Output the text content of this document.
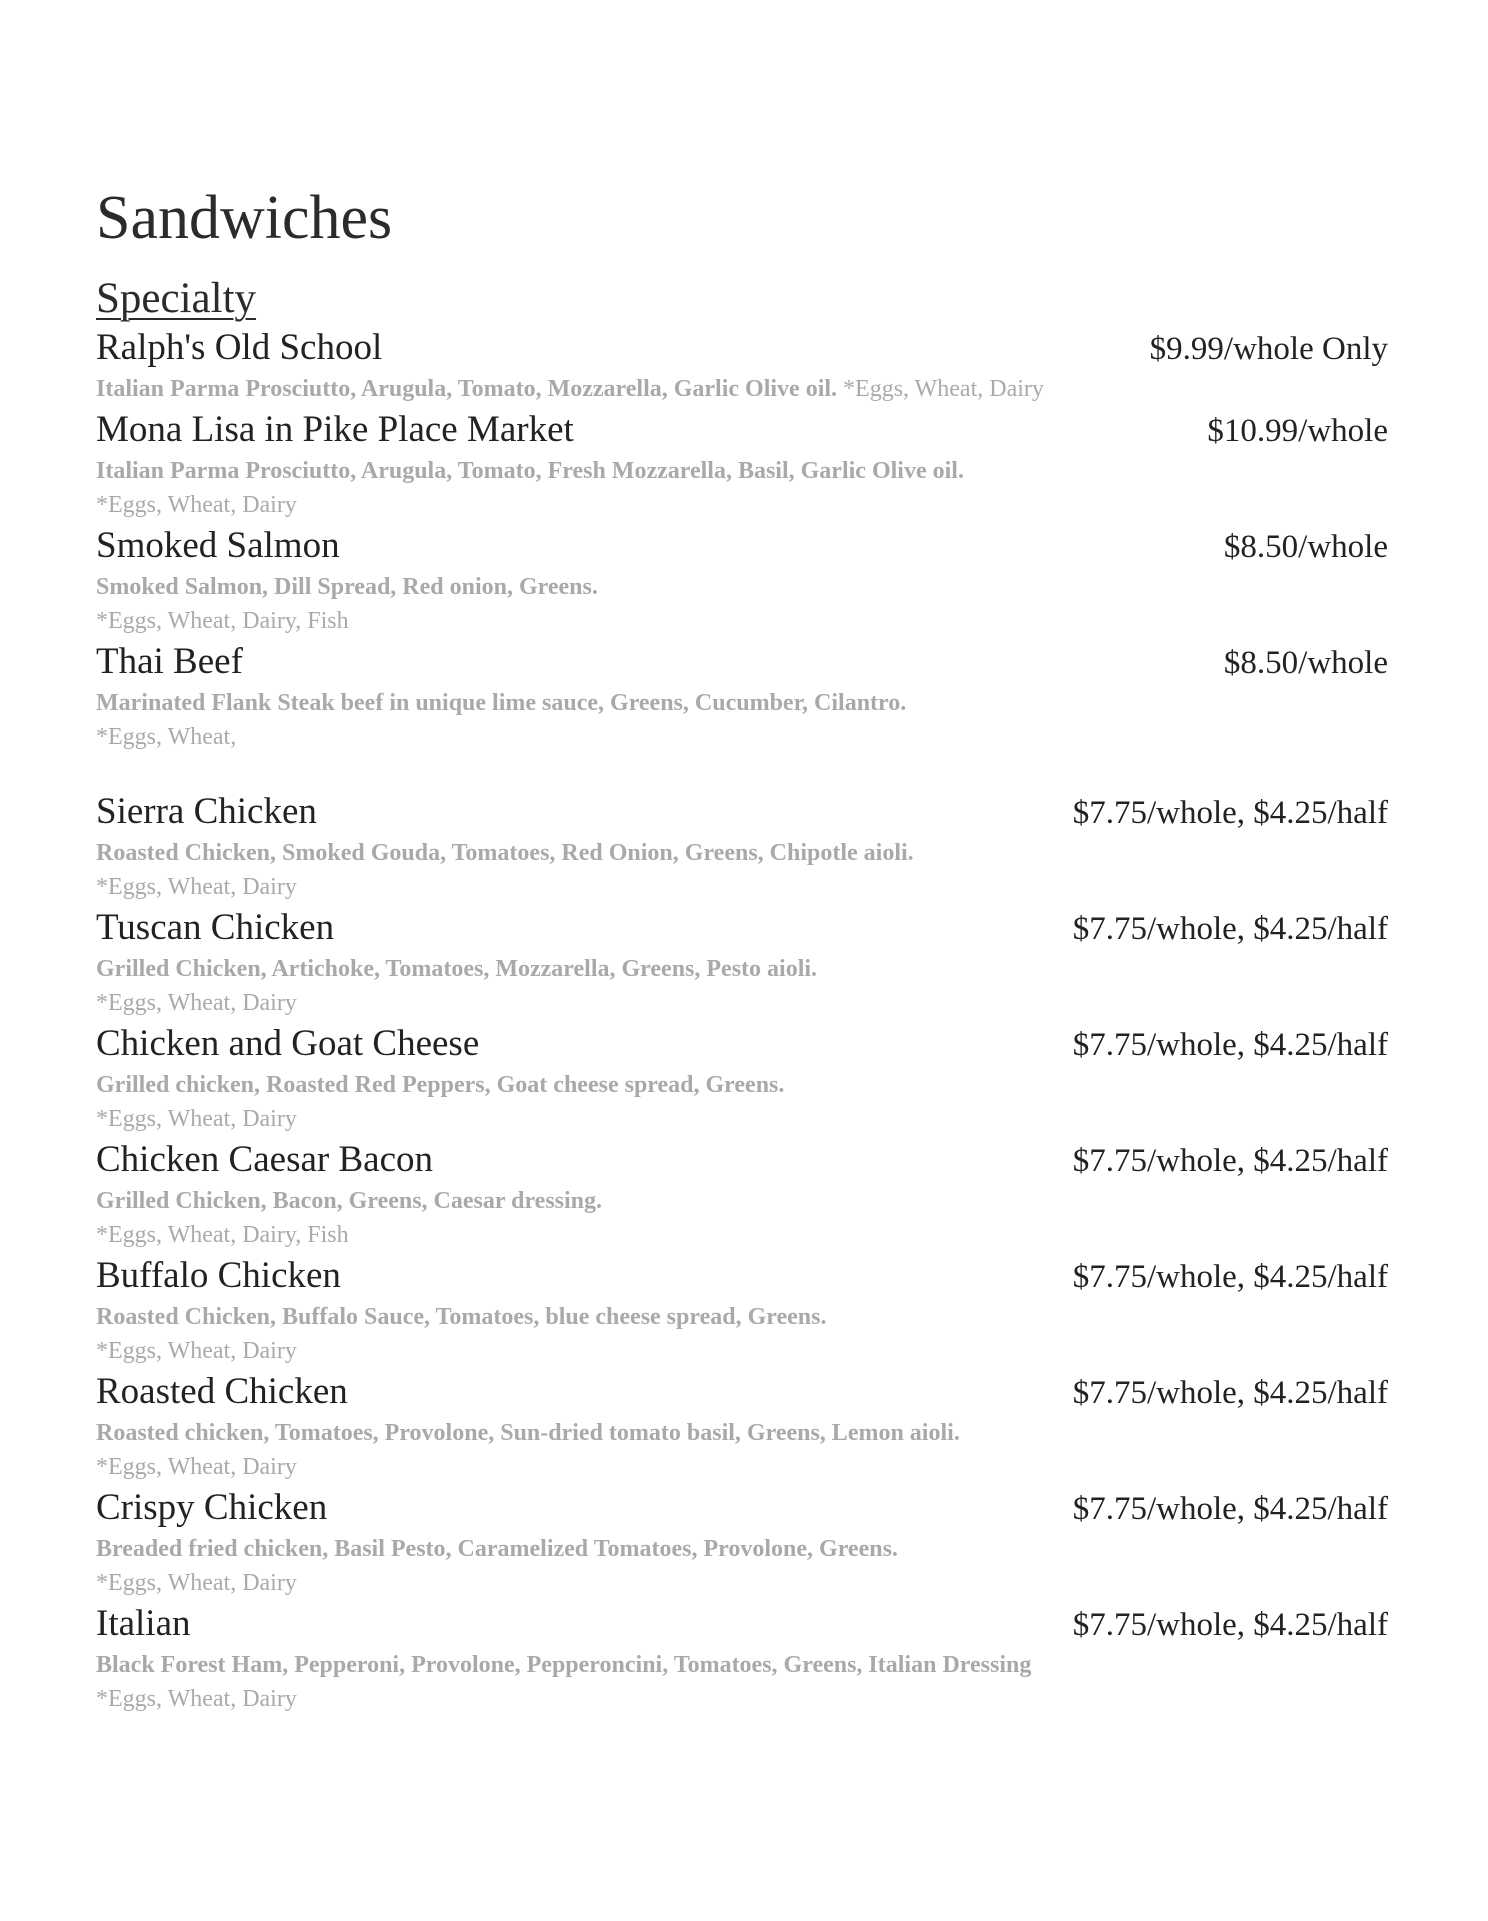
Sandwiches
Specialty
Ralph's Old School	$9.99/whole Only
Italian Parma Prosciutto, Arugula, Tomato, Mozzarella, Garlic Olive oil. *Eggs, Wheat, Dairy
Mona Lisa in Pike Place Market	$10.99/whole
Italian Parma Prosciutto, Arugula, Tomato, Fresh Mozzarella, Basil, Garlic Olive oil.
*Eggs, Wheat, Dairy
Smoked Salmon	$8.50/whole
Smoked Salmon, Dill Spread, Red onion, Greens.
*Eggs, Wheat, Dairy, Fish
Thai Beef	$8.50/whole
Marinated Flank Steak beef in unique lime sauce, Greens, Cucumber, Cilantro.
*Eggs, Wheat,
Sierra Chicken	$7.75/whole, $4.25/half
Roasted Chicken, Smoked Gouda, Tomatoes, Red Onion, Greens, Chipotle aioli.
*Eggs, Wheat, Dairy
Tuscan Chicken	$7.75/whole, $4.25/half
Grilled Chicken, Artichoke, Tomatoes, Mozzarella, Greens, Pesto aioli.
*Eggs, Wheat, Dairy
Chicken and Goat Cheese	$7.75/whole, $4.25/half
Grilled chicken, Roasted Red Peppers, Goat cheese spread, Greens.
*Eggs, Wheat, Dairy
Chicken Caesar Bacon	$7.75/whole, $4.25/half
Grilled Chicken, Bacon, Greens, Caesar dressing.
*Eggs, Wheat, Dairy, Fish
Buffalo Chicken	$7.75/whole, $4.25/half
Roasted Chicken, Buffalo Sauce, Tomatoes, blue cheese spread, Greens.
*Eggs, Wheat, Dairy
Roasted Chicken	$7.75/whole, $4.25/half
Roasted chicken, Tomatoes, Provolone, Sun-dried tomato basil, Greens, Lemon aioli.
*Eggs, Wheat, Dairy
Crispy Chicken	$7.75/whole, $4.25/half
Breaded fried chicken, Basil Pesto, Caramelized Tomatoes, Provolone, Greens.
*Eggs, Wheat, Dairy
Italian	$7.75/whole, $4.25/half
Black Forest Ham, Pepperoni, Provolone, Pepperoncini, Tomatoes, Greens, Italian Dressing
*Eggs, Wheat, Dairy
